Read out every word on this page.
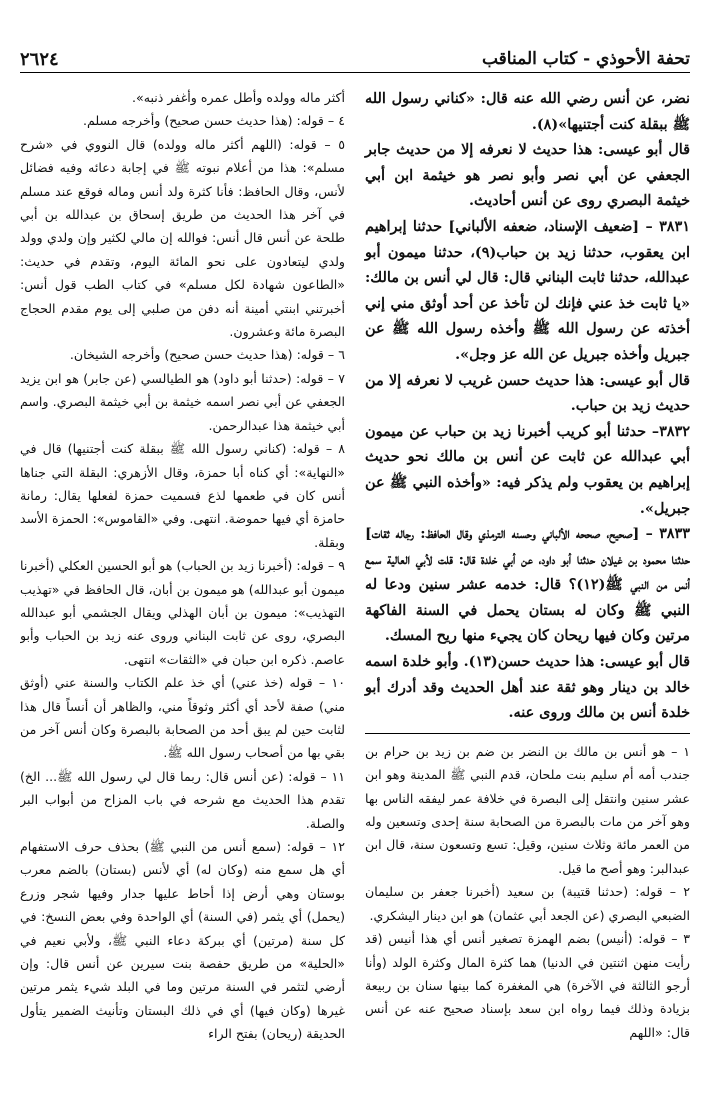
تحفة الأحوذي - كتاب المناقب
٢٦٢٤

نضر، عن أنس رضي الله عنه قال: «كناني رسول الله ﷺ ببقلة كنت أجتنيها»(٨).

قال أبو عيسى: هذا حديث لا نعرفه إلا من حديث جابر الجعفي عن أبي نصر وأبو نصر هو خيثمة ابن أبي خيثمة البصري روى عن أنس أحاديث.

٣٨٣١ – [ضعيف الإسناد، ضعفه الألباني] حدثنا إبراهيم ابن يعقوب، حدثنا زيد بن حباب(٩)، حدثنا ميمون أبو عبدالله، حدثنا ثابت البناني قال: قال لي أنس بن مالك: «يا ثابت خذ عني فإنك لن تأخذ عن أحد أوثق مني إني أخذته عن رسول الله ﷺ وأخذه رسول الله ﷺ عن جبريل وأخذه جبريل عن الله عز وجل».

قال أبو عيسى: هذا حديث حسن غريب لا نعرفه إلا من حديث زيد بن حباب.

٣٨٣٢– حدثنا أبو كريب أخبرنا زيد بن حباب عن ميمون أبي عبدالله عن ثابت عن أنس بن مالك نحو حديث إبراهيم بن يعقوب ولم يذكر فيه: «وأخذه النبي ﷺ عن جبريل».

٣٨٣٣ – [صحيح، صححه الألباني وحسنه الترمذي وقال الحافظ: رجاله ثقات] حدثنا محمود بن غيلان حدثنا أبو داود، عن أبي خلدة قال: قلت لأبي العالية سمع أنس من النبي ﷺ(١٢)؟ قال: خدمه عشر سنين ودعا له النبي ﷺ وكان له بستان يحمل في السنة الفاكهة مرتين وكان فيها ريحان كان يجيء منها ريح المسك.

قال أبو عيسى: هذا حديث حسن(١٣). وأبو خلدة اسمه خالد بن دينار وهو ثقة عند أهل الحديث وقد أدرك أبو خلدة أنس بن مالك وروى عنه.

١ – هو أنس بن مالك بن النضر بن ضم بن زيد بن حرام بن جندب أمه أم سليم بنت ملحان، قدم النبي ﷺ المدينة وهو ابن عشر سنين وانتقل إلى البصرة في خلافة عمر ليفقه الناس بها وهو آخر من مات بالبصرة من الصحابة سنة إحدى وتسعين وله من العمر مائة وثلاث سنين، وقيل: تسع وتسعون سنة، قال ابن عبدالبر: وهو أصح ما قيل.

٢ – قوله: (حدثنا قتيبة) بن سعيد (أخبرنا جعفر بن سليمان الضبعي البصري (عن الجعد أبي عثمان) هو ابن دينار اليشكري.

٣ – قوله: (أنيس) بضم الهمزة تصغير أنس أي هذا أنيس (قد رأيت منهن اثنتين في الدنيا) هما كثرة المال وكثرة الولد (وأنا أرجو الثالثة في الآخرة) هي المغفرة كما بينها سنان بن ربيعة بزيادة وذلك فيما رواه ابن سعد بإسناد صحيح عنه عن أنس قال: «اللهم

أكثر ماله وولده وأطل عمره وأغفر ذنبه».

٤ – قوله: (هذا حديث حسن صحيح) وأخرجه مسلم.

٥ – قوله: (اللهم أكثر ماله وولده) قال النووي في «شرح مسلم»: هذا من أعلام نبوته ﷺ في إجابة دعائه وفيه فضائل لأنس، وقال الحافظ: فأنا كثرة ولد أنس وماله فوقع عند مسلم في آخر هذا الحديث من طريق إسحاق بن عبدالله بن أبي طلحة عن أنس قال أنس: فوالله إن مالي لكثير وإن ولدي وولد ولدي ليتعادون على نحو المائة اليوم، وتقدم في حديث: «الطاعون شهادة لكل مسلم» في كتاب الطب قول أنس: أخبرتني ابنتي أمينة أنه دفن من صلبي إلى يوم مقدم الحجاج البصرة مائة وعشرون.

٦ – قوله: (هذا حديث حسن صحيح) وأخرجه الشيخان.

٧ – قوله: (حدثنا أبو داود) هو الطيالسي (عن جابر) هو ابن يزيد الجعفي عن أبي نصر اسمه خيثمة بن أبي خيثمة البصري. واسم أبي خيثمة هذا عبدالرحمن.

٨ – قوله: (كناني رسول الله ﷺ ببقلة كنت أجتنيها) قال في «النهاية»: أي كناه أبا حمزة، وقال الأزهري: البقلة التي جناها أنس كان في طعمها لذع فسميت حمزة لفعلها يقال: رمانة حامزة أي فيها حموضة. انتهى. وفي «القاموس»: الحمزة الأسد وبقلة.

٩ – قوله: (أخبرنا زيد بن الحباب) هو أبو الحسين العكلي (أخبرنا ميمون أبو عبدالله) هو ميمون بن أبان، قال الحافظ في «تهذيب التهذيب»: ميمون بن أبان الهذلي ويقال الجشمي أبو عبدالله البصري، روى عن ثابت البناني وروى عنه زيد بن الحباب وأبو عاصم. ذكره ابن حبان في «الثقات» انتهى.

١٠ – قوله (خذ عني) أي خذ علم الكتاب والسنة عني (أوثق مني) صفة لأحد أي أكثر وثوقاً مني، والظاهر أن أنساً قال هذا لثابت حين لم يبق أحد من الصحابة بالبصرة وكان أنس آخر من بقي بها من أصحاب رسول الله ﷺ.

١١ – قوله: (عن أنس قال: ربما قال لي رسول الله ﷺ... الخ) تقدم هذا الحديث مع شرحه في باب المزاح من أبواب البر والصلة.

١٢ – قوله: (سمع أنس من النبي ﷺ) بحذف حرف الاستفهام أي هل سمع منه (وكان له) أي لأنس (بستان) بالضم معرب بوستان وهي أرض إذا أحاط عليها جدار وفيها شجر وزرع (يحمل) أي يثمر (في السنة) أي الواحدة وفي بعض النسخ: في كل سنة (مرتين) أي ببركة دعاء النبي ﷺ، ولأبي نعيم في «الحلية» من طريق حفصة بنت سيرين عن أنس قال: وإن أرضي لتثمر في السنة مرتين وما في البلد شيء يثمر مرتين غيرها (وكان فيها) أي في ذلك البستان وتأنيث الضمير يتأول الحديقة (ريحان) بفتح الراء
